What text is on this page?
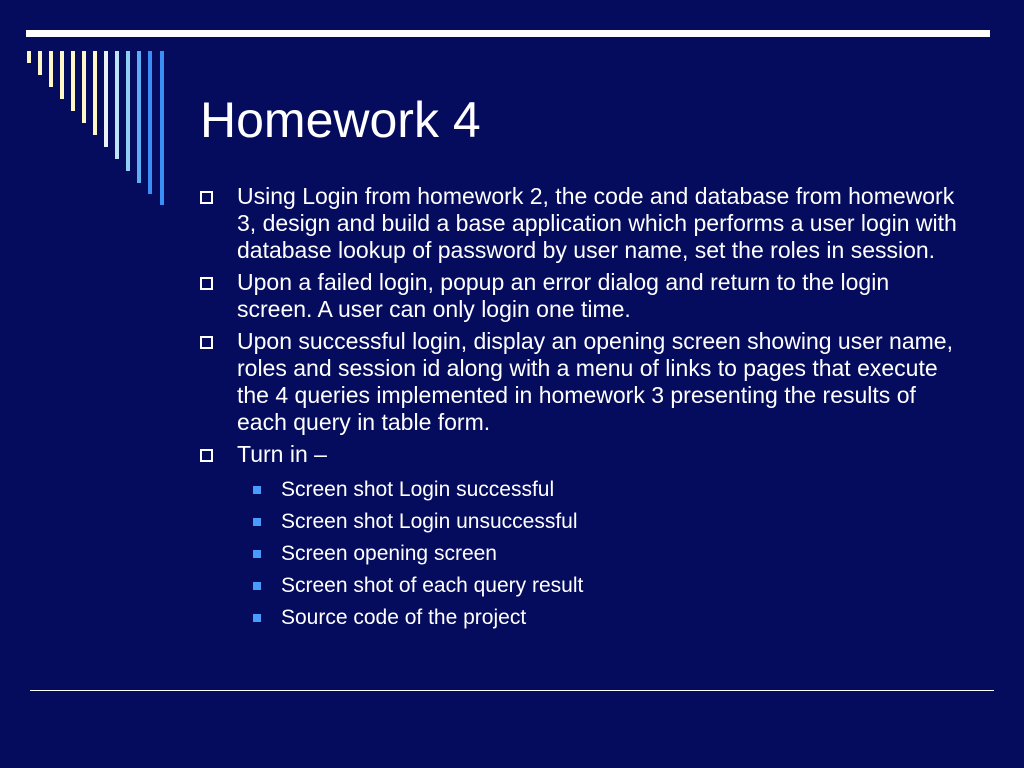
Homework 4
Using Login from homework 2, the code and database from homework 3, design and build a base application which performs a user login with database lookup of password by user name, set the roles in session.
Upon a failed login, popup an error dialog and return to the login screen. A user can only login one time.
Upon successful login, display an opening screen showing user name, roles and session id along with a menu of links to pages that execute the 4 queries implemented in homework 3 presenting the results of each query in table form.
Turn in –
Screen shot Login successful
Screen shot Login unsuccessful
Screen opening screen
Screen shot of each query result
Source code of the project
